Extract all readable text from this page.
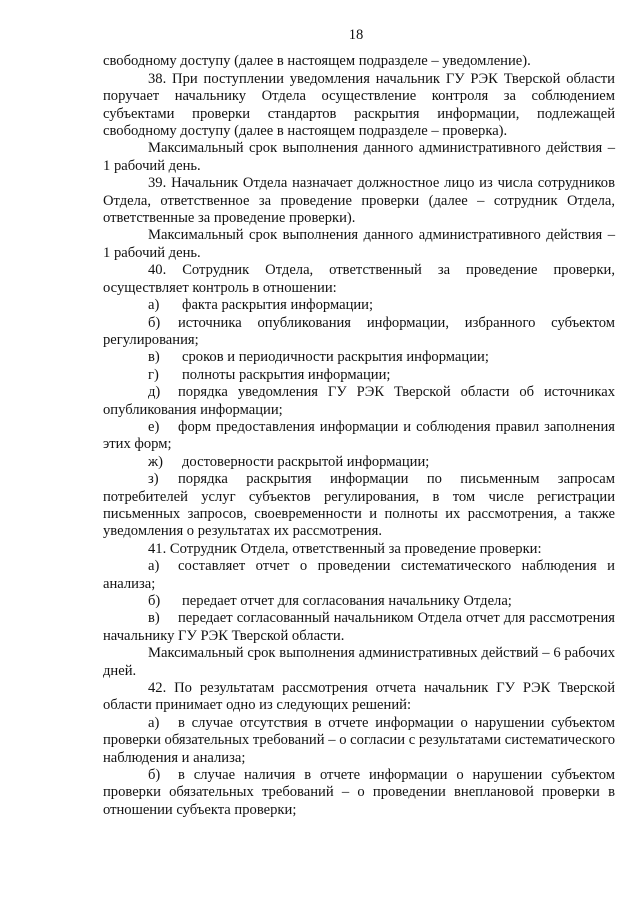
18

свободному доступу (далее в настоящем подразделе – уведомление).

38. При поступлении уведомления начальник ГУ РЭК Тверской области поручает начальнику Отдела осуществление контроля за соблюдением субъектами проверки стандартов раскрытия информации, подлежащей свободному доступу (далее в настоящем подразделе – проверка).

Максимальный срок выполнения данного административного действия – 1 рабочий день.

39. Начальник Отдела назначает должностное лицо из числа сотрудников Отдела, ответственное за проведение проверки (далее – сотрудник Отдела, ответственные за проведение проверки).

Максимальный срок выполнения данного административного действия – 1 рабочий день.

40. Сотрудник Отдела, ответственный за проведение проверки, осуществляет контроль в отношении:

а) факта раскрытия информации;

б) источника опубликования информации, избранного субъектом регулирования;

в) сроков и периодичности раскрытия информации;

г) полноты раскрытия информации;

д) порядка уведомления ГУ РЭК Тверской области об источниках опубликования информации;

е) форм предоставления информации и соблюдения правил заполнения этих форм;

ж) достоверности раскрытой информации;

з) порядка раскрытия информации по письменным запросам потребителей услуг субъектов регулирования, в том числе регистрации письменных запросов, своевременности и полноты их рассмотрения, а также уведомления о результатах их рассмотрения.

41. Сотрудник Отдела, ответственный за проведение проверки:

а) составляет отчет о проведении систематического наблюдения и анализа;

б) передает отчет для согласования начальнику Отдела;

в) передает согласованный начальником Отдела отчет для рассмотрения начальнику ГУ РЭК Тверской области.

Максимальный срок выполнения административных действий – 6 рабочих дней.

42. По результатам рассмотрения отчета начальник ГУ РЭК Тверской области принимает одно из следующих решений:

а) в случае отсутствия в отчете информации о нарушении субъектом проверки обязательных требований – о согласии с результатами систематического наблюдения и анализа;

б) в случае наличия в отчете информации о нарушении субъектом проверки обязательных требований – о проведении внеплановой проверки в отношении субъекта проверки;
